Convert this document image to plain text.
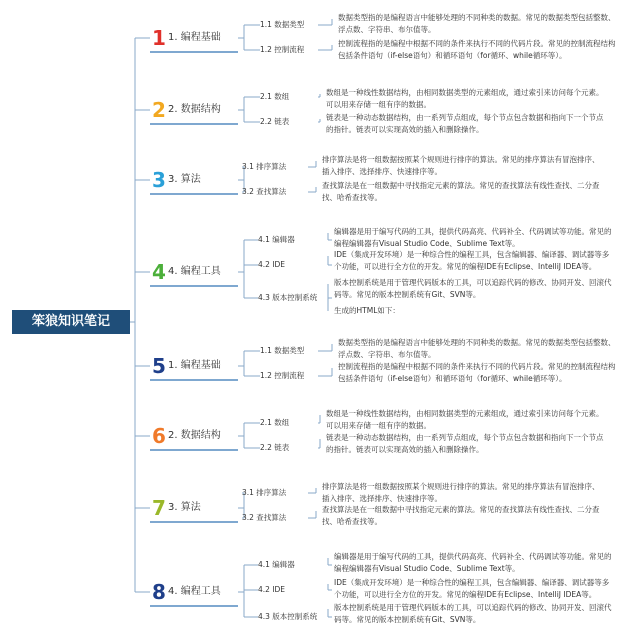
笨狼知识笔记
1 1. 编程基础
1.1 数据类型
数据类型指的是编程语言中能够处理的不同种类的数据。常见的数据类型包括整数、浮点数、字符串、布尔值等。
1.2 控制流程
控制流程指的是编程中根据不同的条件来执行不同的代码片段。常见的控制流程结构包括条件语句（if-else语句）和循环语句（for循环、while循环等）。
2 2. 数据结构
2.1 数组	数组是一种线性数据结构，由相同数据类型的元素组成，通过索引来访问每个元素。可以用来存储一组有序的数据。
2.2 链表	链表是一种动态数据结构，由一系列节点组成，每个节点包含数据和指向下一个节点的指针。链表可以实现高效的插入和删除操作。
3 3. 算法
3.1 排序算法
排序算法是将一组数据按照某个规则进行排序的算法。常见的排序算法有冒泡排序、插入排序、选择排序、快速排序等。
3.2 查找算法
查找算法是在一组数据中寻找指定元素的算法。常见的查找算法有线性查找、二分查找、哈希查找等。
4 4. 编程工具
4.1 编辑器
编辑器是用于编写代码的工具，提供代码高亮、代码补全、代码调试等功能。常见的编程编辑器有Visual Studio Code、Sublime Text等。
4.2 IDE
IDE（集成开发环境）是一种综合性的编程工具，包含编辑器、编译器、调试器等多个功能，可以进行全方位的开发。常见的编程IDE有Eclipse、IntelliJ IDEA等。
4.3 版本控制系统
版本控制系统是用于管理代码版本的工具，可以追踪代码的修改、协同开发、回滚代码等。常见的版本控制系统有Git、SVN等。
生成的HTML如下：
5 1. 编程基础
1.1 数据类型
数据类型指的是编程语言中能够处理的不同种类的数据。常见的数据类型包括整数、浮点数、字符串、布尔值等。
1.2 控制流程
控制流程指的是编程中根据不同的条件来执行不同的代码片段。常见的控制流程结构包括条件语句（if-else语句）和循环语句（for循环、while循环等）。
6 2. 数据结构
2.1 数组
数组是一种线性数据结构，由相同数据类型的元素组成，通过索引来访问每个元素。可以用来存储一组有序的数据。
2.2 链表
链表是一种动态数据结构，由一系列节点组成，每个节点包含数据和指向下一个节点的指针。链表可以实现高效的插入和删除操作。
7 3. 算法
3.1 排序算法
排序算法是将一组数据按照某个规则进行排序的算法。常见的排序算法有冒泡排序、插入排序、选择排序、快速排序等。
3.2 查找算法
查找算法是在一组数据中寻找指定元素的算法。常见的查找算法有线性查找、二分查找、哈希查找等。
8 4. 编程工具
4.1 编辑器
编辑器是用于编写代码的工具，提供代码高亮、代码补全、代码调试等功能。常见的编程编辑器有Visual Studio Code、Sublime Text等。
4.2 IDE
IDE（集成开发环境）是一种综合性的编程工具，包含编辑器、编译器、调试器等多个功能，可以进行全方位的开发。常见的编程IDE有Eclipse、IntelliJ IDEA等。
4.3 版本控制系统
版本控制系统是用于管理代码版本的工具，可以追踪代码的修改、协同开发、回滚代码等。常见的版本控制系统有Git、SVN等。
